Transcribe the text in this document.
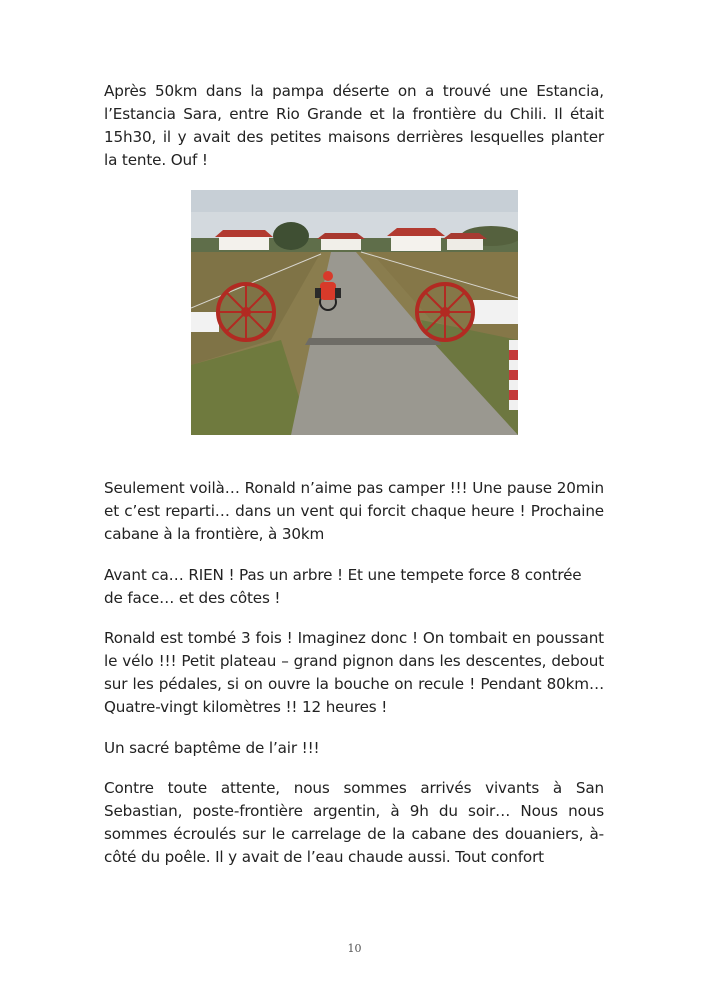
Après 50km dans la pampa déserte on a trouvé une Estancia, l’Estancia Sara, entre Rio Grande et la frontière du Chili. Il était 15h30, il y avait des petites maisons derrières lesquelles planter la tente. Ouf !

Seulement voilà… Ronald n’aime pas camper !!! Une pause 20min et c’est reparti… dans un vent qui forcit chaque heure ! Prochaine cabane à la frontière, à 30km

Avant ca… RIEN ! Pas un arbre ! Et une tempete force 8 contrée de face… et des côtes !

Ronald est tombé 3 fois ! Imaginez donc ! On tombait en poussant le vélo !!! Petit plateau – grand pignon dans les descentes, debout sur les pédales, si on ouvre la bouche on recule ! Pendant 80km… Quatre-vingt kilomètres !! 12 heures !

Un sacré baptême de l’air !!!

Contre toute attente, nous sommes arrivés vivants à San Sebastian, poste-frontière argentin, à 9h du soir… Nous nous sommes écroulés sur le carrelage de la cabane des douaniers, à-côté du poêle. Il y avait de l’eau chaude aussi. Tout confort

10
